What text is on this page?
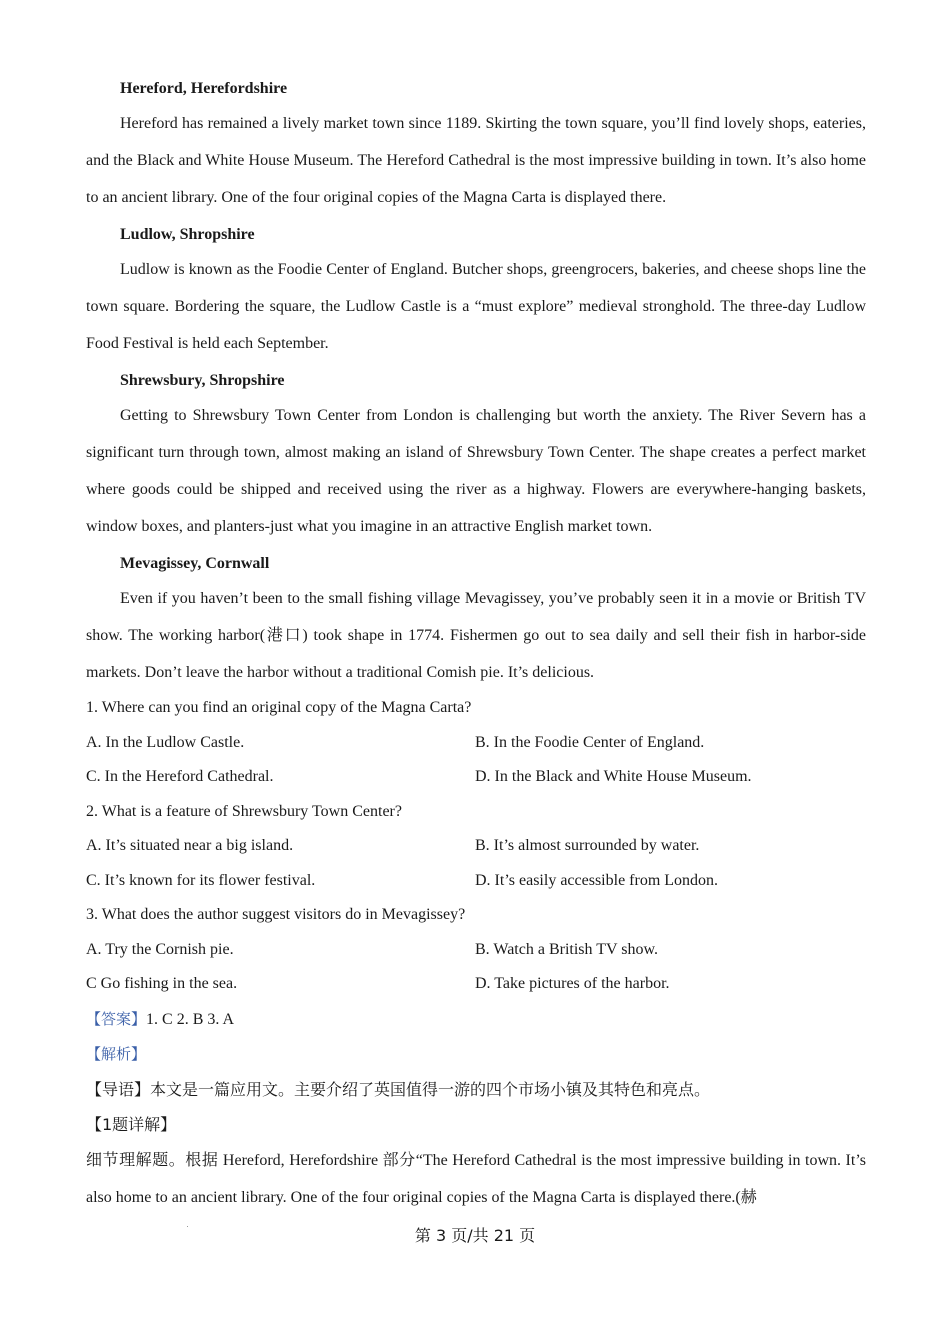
Hereford, Herefordshire

Hereford has remained a lively market town since 1189. Skirting the town square, you’ll find lovely shops, eateries, and the Black and White House Museum. The Hereford Cathedral is the most impressive building in town. It’s also home to an ancient library. One of the four original copies of the Magna Carta is displayed there.

Ludlow, Shropshire

Ludlow is known as the Foodie Center of England. Butcher shops, greengrocers, bakeries, and cheese shops line the town square. Bordering the square, the Ludlow Castle is a “must explore” medieval stronghold. The three-day Ludlow Food Festival is held each September.

Shrewsbury, Shropshire

Getting to Shrewsbury Town Center from London is challenging but worth the anxiety. The River Severn has a significant turn through town, almost making an island of Shrewsbury Town Center. The shape creates a perfect market where goods could be shipped and received using the river as a highway. Flowers are everywhere-hanging baskets, window boxes, and planters-just what you imagine in an attractive English market town.

Mevagissey, Cornwall

Even if you haven’t been to the small fishing village Mevagissey, you’ve probably seen it in a movie or British TV show. The working harbor(港口) took shape in 1774. Fishermen go out to sea daily and sell their fish in harbor-side markets. Don’t leave the harbor without a traditional Comish pie. It’s delicious.

1. Where can you find an original copy of the Magna Carta?

A. In the Ludlow Castle.	B. In the Foodie Center of England.
C. In the Hereford Cathedral.	D. In the Black and White House Museum.

2. What is a feature of Shrewsbury Town Center?

A. It’s situated near a big island.	B. It’s almost surrounded by water.
C. It’s known for its flower festival.	D. It’s easily accessible from London.

3. What does the author suggest visitors do in Mevagissey?

A. Try the Cornish pie.	B. Watch a British TV show.
C Go fishing in the sea.	D. Take pictures of the harbor.

【答案】1. C 2. B 3. A

【解析】

【导语】本文是一篇应用文。主要介绍了英国值得一游的四个市场小镇及其特色和亮点。

【1题详解】

细节理解题。根据 Hereford, Herefordshire 部分“The Hereford Cathedral is the most impressive building in town. It’s also home to an ancient library. One of the four original copies of the Magna Carta is displayed there.(赫

第 3 页/共 21 页
